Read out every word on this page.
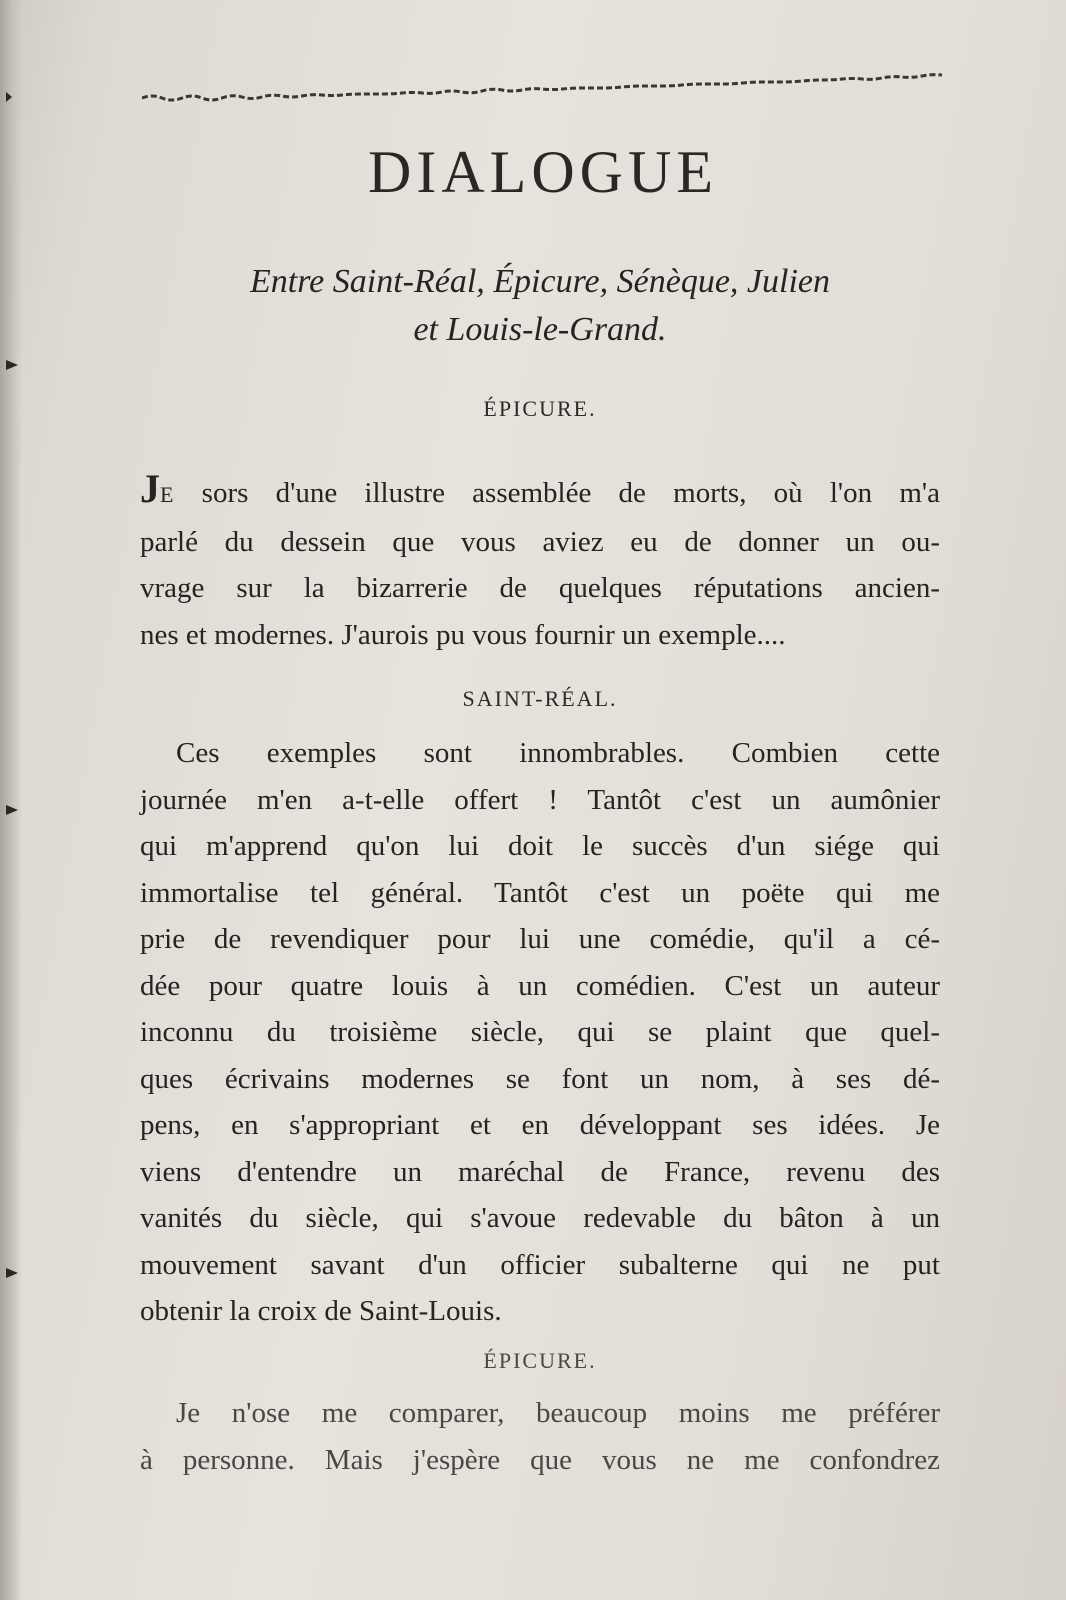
DIALOGUE

Entre Saint-Réal, Épicure, Sénèque, Julien
et Louis-le-Grand.

ÉPICURE.

JE sors d'une illustre assemblée de morts, où l'on m'a
parlé du dessein que vous aviez eu de donner un ou-
vrage sur la bizarrerie de quelques réputations ancien-
nes et modernes. J'aurois pu vous fournir un exemple....

SAINT-RÉAL.

Ces exemples sont innombrables. Combien cette
journée m'en a-t-elle offert ! Tantôt c'est un aumônier
qui m'apprend qu'on lui doit le succès d'un siége qui
immortalise tel général. Tantôt c'est un poëte qui me
prie de revendiquer pour lui une comédie, qu'il a cé-
dée pour quatre louis à un comédien. C'est un auteur
inconnu du troisième siècle, qui se plaint que quel-
ques écrivains modernes se font un nom, à ses dé-
pens, en s'appropriant et en développant ses idées. Je
viens d'entendre un maréchal de France, revenu des
vanités du siècle, qui s'avoue redevable du bâton à un
mouvement savant d'un officier subalterne qui ne put
obtenir la croix de Saint-Louis.

ÉPICURE.

Je n'ose me comparer, beaucoup moins me préférer
à personne. Mais j'espère que vous ne me confondrez
